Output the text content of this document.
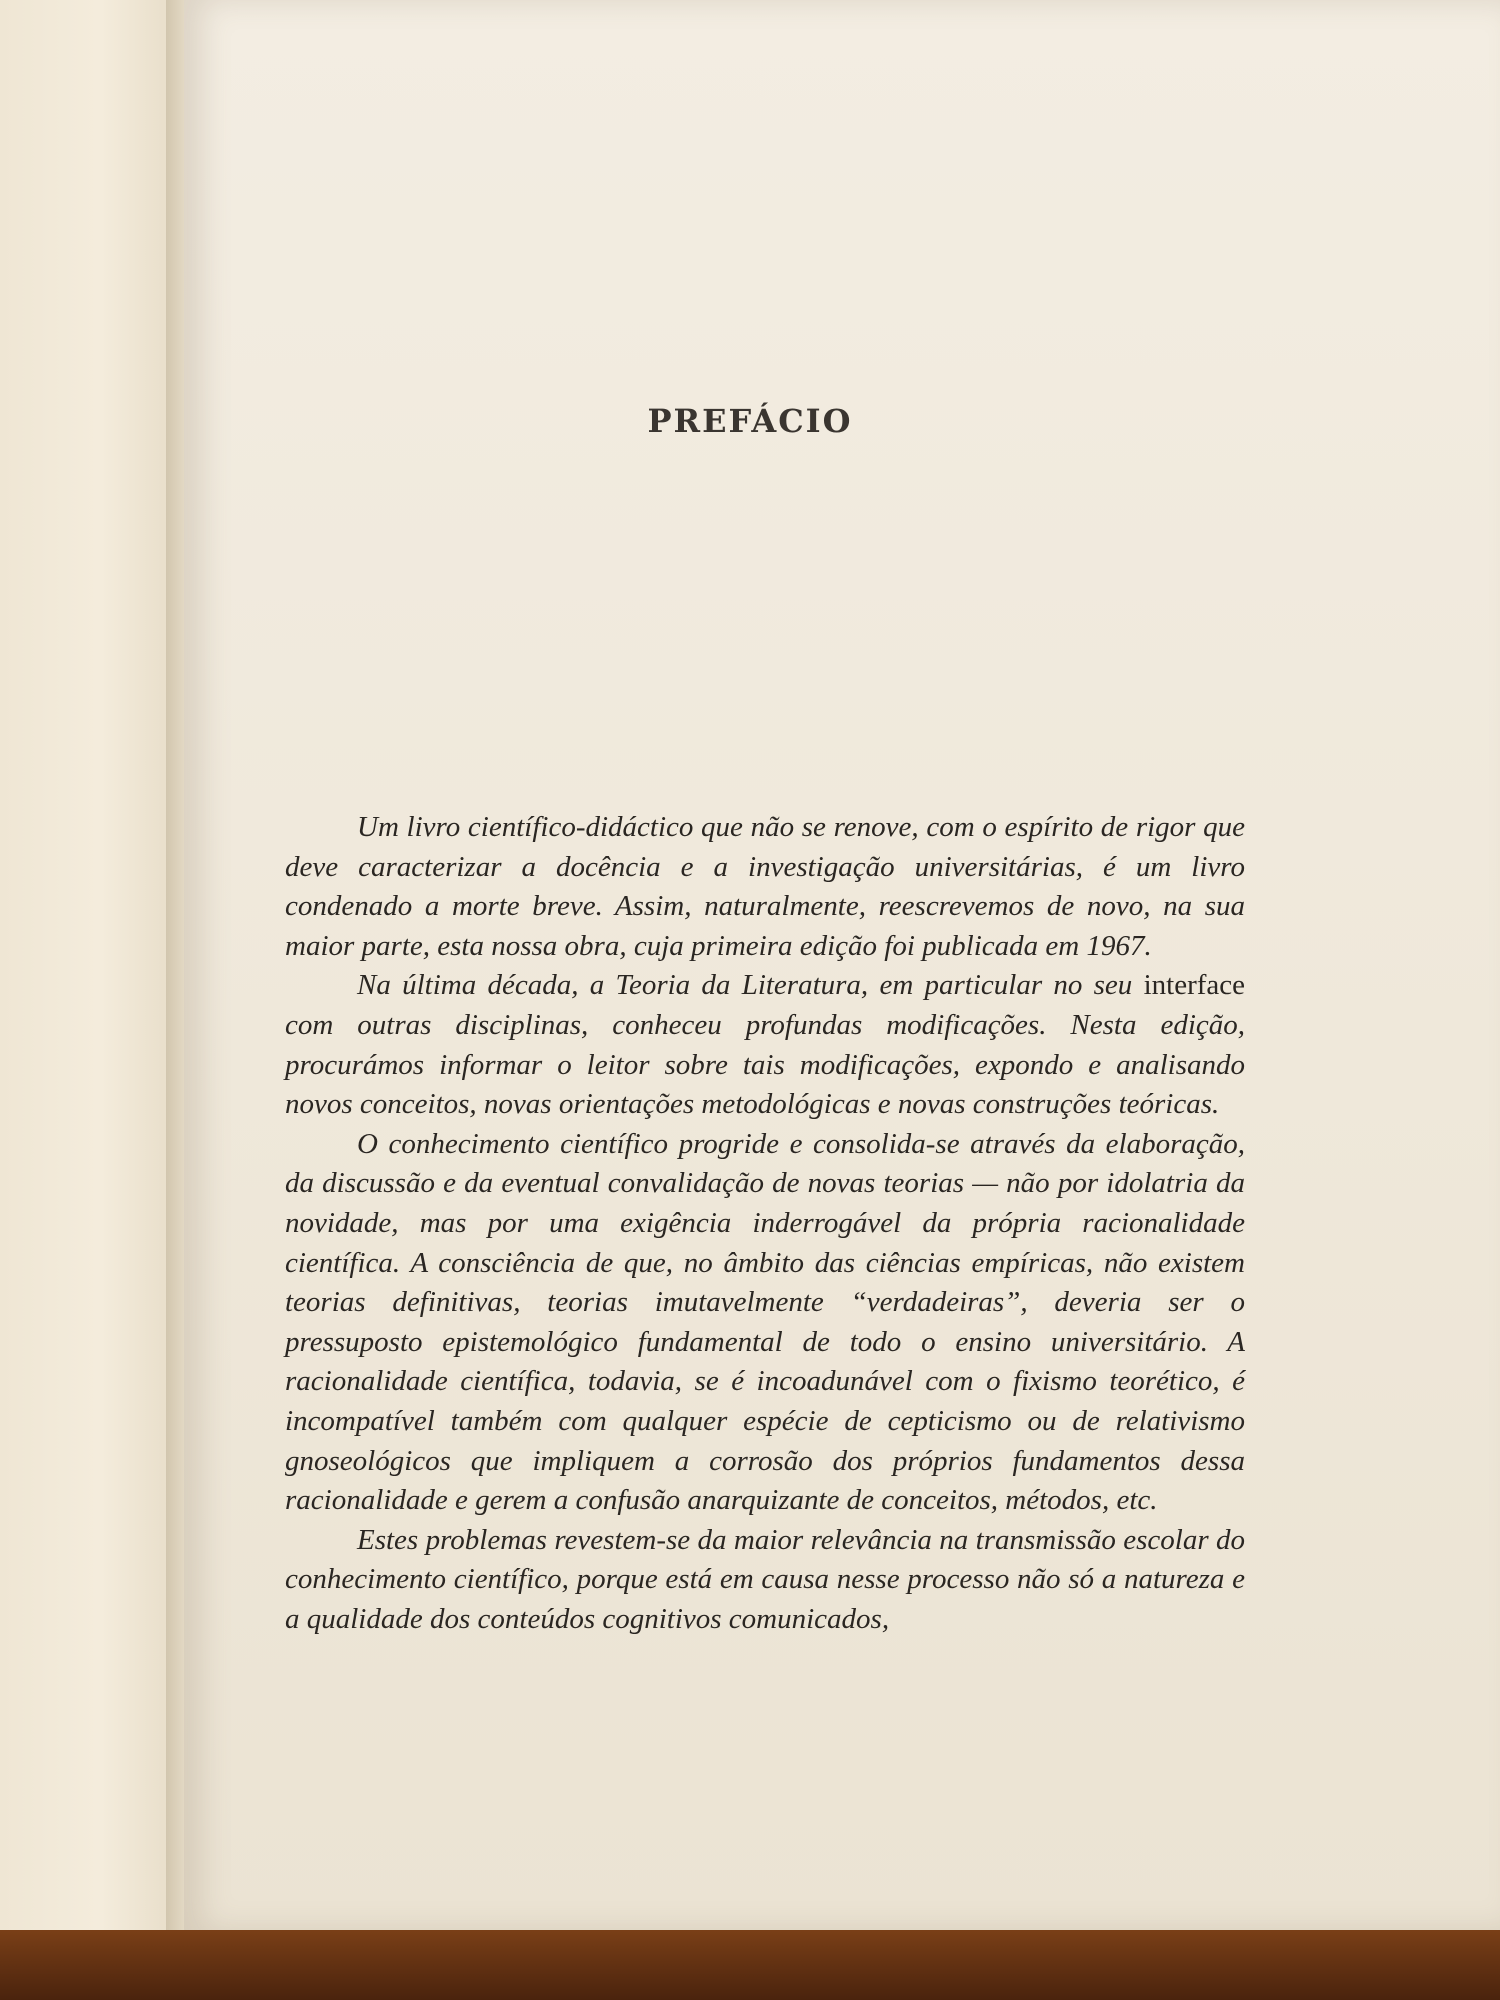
PREFÁCIO

Um livro científico-didáctico que não se renove, com o espírito de rigor que deve caracterizar a docência e a investigação universitárias, é um livro condenado a morte breve. Assim, naturalmente, reescrevemos de novo, na sua maior parte, esta nossa obra, cuja primeira edição foi publicada em 1967.

Na última década, a Teoria da Literatura, em particular no seu interface com outras disciplinas, conheceu profundas modificações. Nesta edição, procurámos informar o leitor sobre tais modificações, expondo e analisando novos conceitos, novas orientações metodológicas e novas construções teóricas.

O conhecimento científico progride e consolida-se através da elaboração, da discussão e da eventual convalidação de novas teorias — não por idolatria da novidade, mas por uma exigência inderrogável da própria racionalidade científica. A consciência de que, no âmbito das ciências empíricas, não existem teorias definitivas, teorias imutavelmente “verdadeiras”, deveria ser o pressuposto epistemológico fundamental de todo o ensino universitário. A racionalidade científica, todavia, se é incoadunável com o fixismo teorético, é incompatível também com qualquer espécie de cepticismo ou de relativismo gnoseológicos que impliquem a corrosão dos próprios fundamentos dessa racionalidade e gerem a confusão anarquizante de conceitos, métodos, etc.

Estes problemas revestem-se da maior relevância na transmissão escolar do conhecimento científico, porque está em causa nesse processo não só a natureza e a qualidade dos conteúdos cognitivos comunicados,
